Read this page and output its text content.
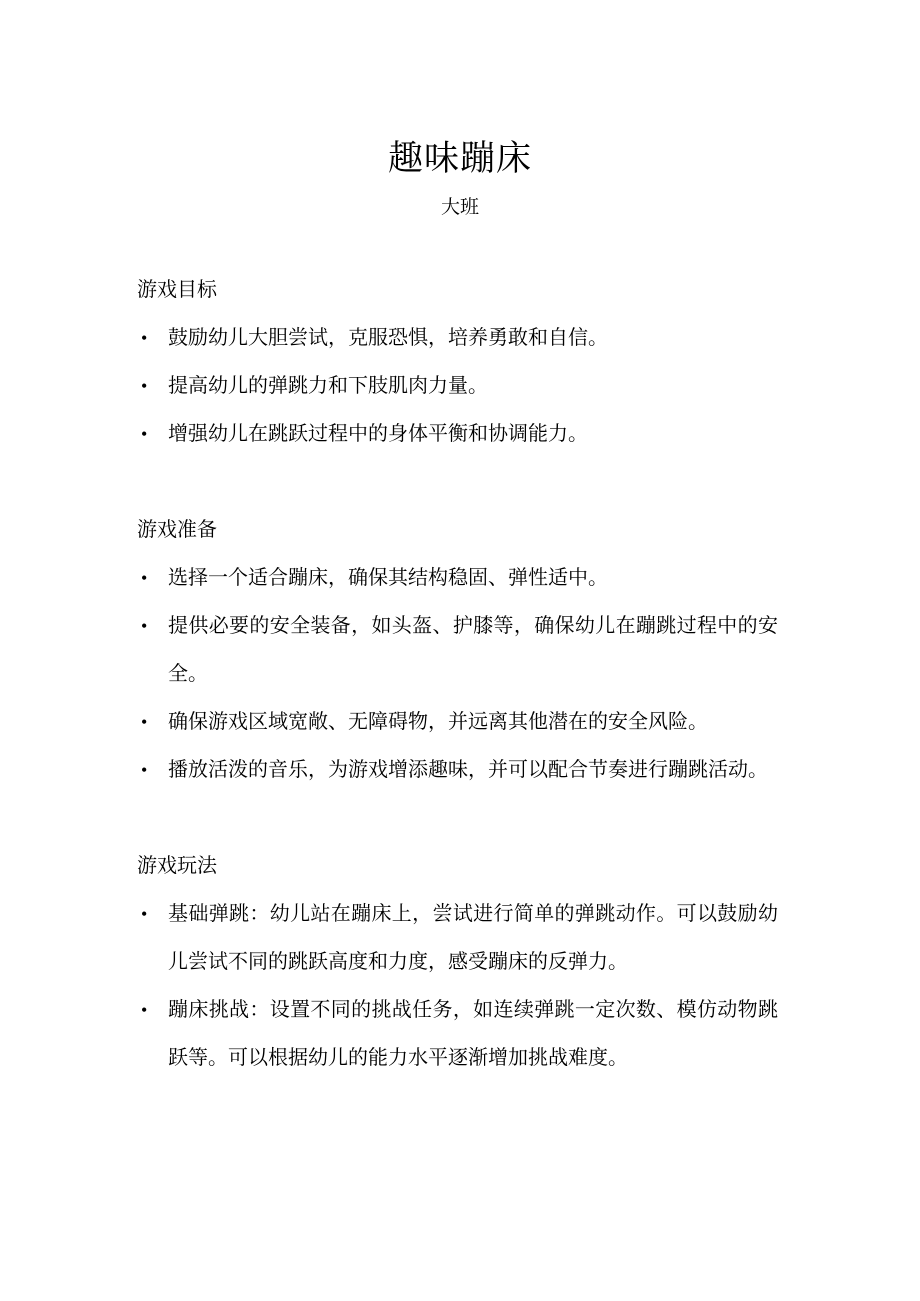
趣味蹦床
大班
游戏目标
• 鼓励幼儿大胆尝试，克服恐惧，培养勇敢和自信。
• 提高幼儿的弹跳力和下肢肌肉力量。
• 增强幼儿在跳跃过程中的身体平衡和协调能力。
游戏准备
• 选择一个适合蹦床，确保其结构稳固、弹性适中。
• 提供必要的安全装备，如头盔、护膝等，确保幼儿在蹦跳过程中的安全。
• 确保游戏区域宽敞、无障碍物，并远离其他潜在的安全风险。
• 播放活泼的音乐，为游戏增添趣味，并可以配合节奏进行蹦跳活动。
游戏玩法
• 基础弹跳：幼儿站在蹦床上，尝试进行简单的弹跳动作。可以鼓励幼儿尝试不同的跳跃高度和力度，感受蹦床的反弹力。
• 蹦床挑战：设置不同的挑战任务，如连续弹跳一定次数、模仿动物跳跃等。可以根据幼儿的能力水平逐渐增加挑战难度。
